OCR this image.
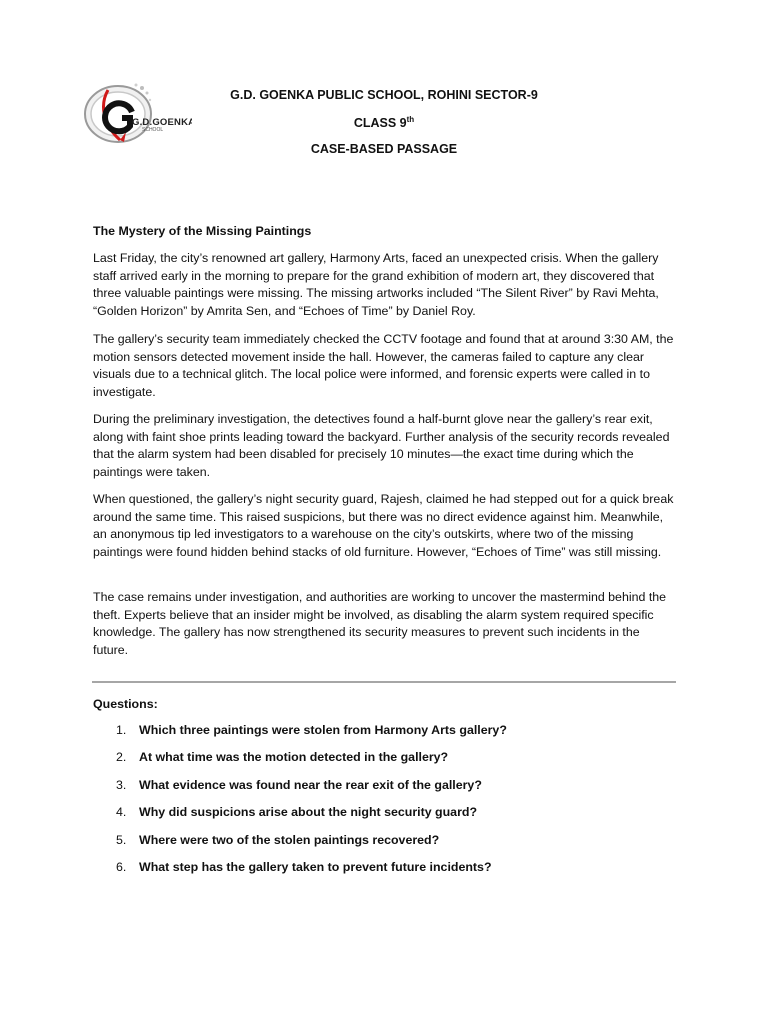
G.D.GOENKA
SCHOOL
G.D. GOENKA PUBLIC SCHOOL, ROHINI SECTOR-9
CLASS 9th
CASE-BASED PASSAGE
The Mystery of the Missing Paintings

Last Friday, the city’s renowned art gallery, Harmony Arts, faced an unexpected crisis. When the gallery staff arrived early in the morning to prepare for the grand exhibition of modern art, they discovered that three valuable paintings were missing. The missing artworks included “The Silent River” by Ravi Mehta, “Golden Horizon” by Amrita Sen, and “Echoes of Time” by Daniel Roy.

The gallery’s security team immediately checked the CCTV footage and found that at around 3:30 AM, the motion sensors detected movement inside the hall. However, the cameras failed to capture any clear visuals due to a technical glitch. The local police were informed, and forensic experts were called in to investigate.

During the preliminary investigation, the detectives found a half-burnt glove near the gallery’s rear exit, along with faint shoe prints leading toward the backyard. Further analysis of the security records revealed that the alarm system had been disabled for precisely 10 minutes—the exact time during which the paintings were taken.

When questioned, the gallery’s night security guard, Rajesh, claimed he had stepped out for a quick break around the same time. This raised suspicions, but there was no direct evidence against him. Meanwhile, an anonymous tip led investigators to a warehouse on the city’s outskirts, where two of the missing paintings were found hidden behind stacks of old furniture. However, “Echoes of Time” was still missing.

The case remains under investigation, and authorities are working to uncover the mastermind behind the theft. Experts believe that an insider might be involved, as disabling the alarm system required specific knowledge. The gallery has now strengthened its security measures to prevent such incidents in the future.

Questions:
1. Which three paintings were stolen from Harmony Arts gallery?
2. At what time was the motion detected in the gallery?
3. What evidence was found near the rear exit of the gallery?
4. Why did suspicions arise about the night security guard?
5. Where were two of the stolen paintings recovered?
6. What step has the gallery taken to prevent future incidents?
